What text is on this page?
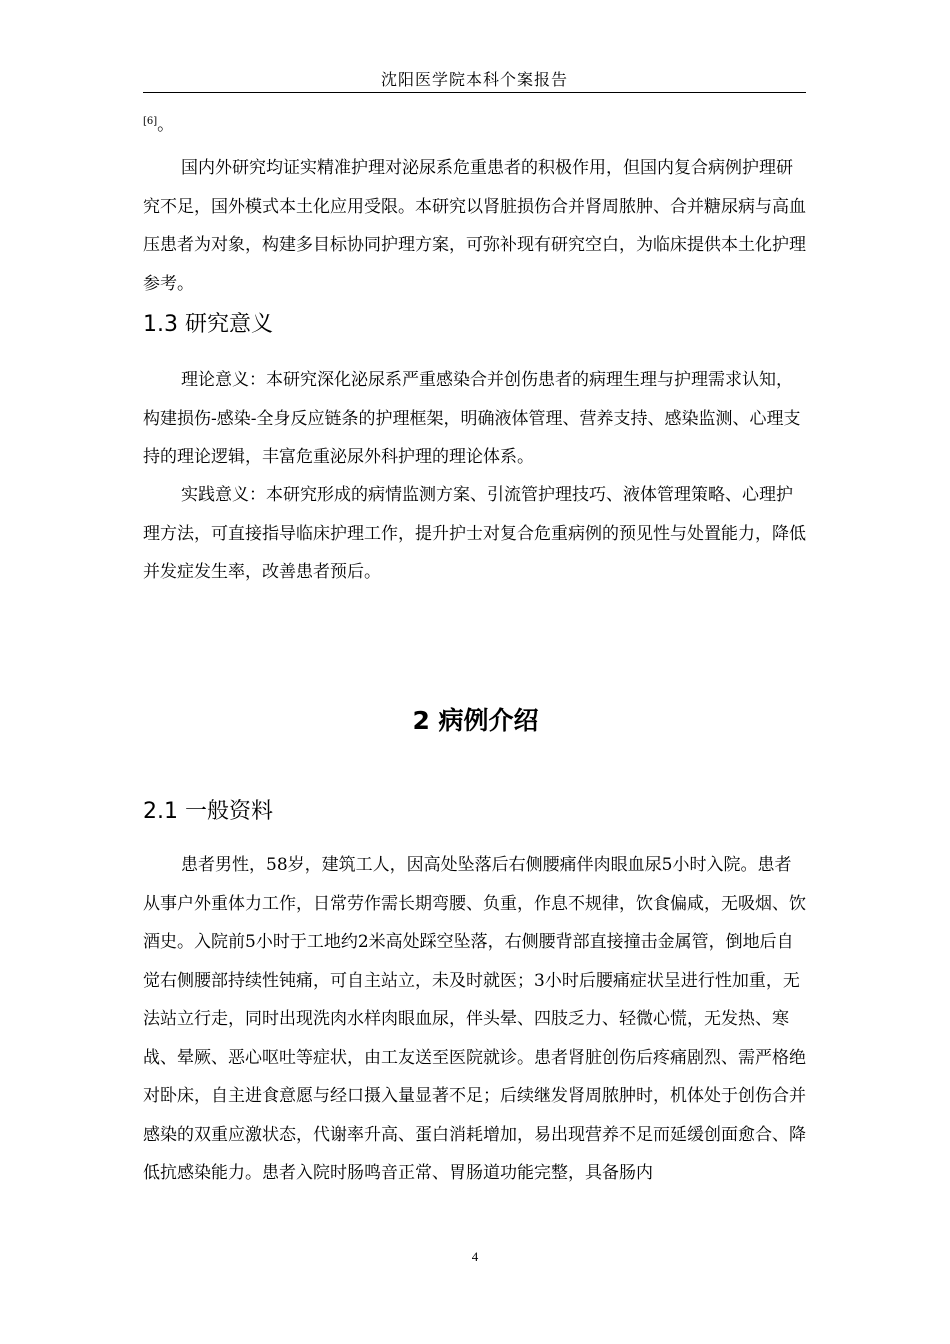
沈阳医学院本科个案报告
[6]。

国内外研究均证实精准护理对泌尿系危重患者的积极作用，但国内复合病例护理研究不足，国外模式本土化应用受限。本研究以肾脏损伤合并肾周脓肿、合并糖尿病与高血压患者为对象，构建多目标协同护理方案，可弥补现有研究空白，为临床提供本土化护理参考。

1.3 研究意义

理论意义：本研究深化泌尿系严重感染合并创伤患者的病理生理与护理需求认知，构建损伤-感染-全身反应链条的护理框架，明确液体管理、营养支持、感染监测、心理支持的理论逻辑，丰富危重泌尿外科护理的理论体系。

实践意义：本研究形成的病情监测方案、引流管护理技巧、液体管理策略、心理护理方法，可直接指导临床护理工作，提升护士对复合危重病例的预见性与处置能力，降低并发症发生率，改善患者预后。

2 病例介绍
2.1 一般资料

患者男性，58岁，建筑工人，因高处坠落后右侧腰痛伴肉眼血尿5小时入院。患者从事户外重体力工作，日常劳作需长期弯腰、负重，作息不规律，饮食偏咸，无吸烟、饮酒史。入院前5小时于工地约2米高处踩空坠落，右侧腰背部直接撞击金属管，倒地后自觉右侧腰部持续性钝痛，可自主站立，未及时就医；3小时后腰痛症状呈进行性加重，无法站立行走，同时出现洗肉水样肉眼血尿，伴头晕、四肢乏力、轻微心慌，无发热、寒战、晕厥、恶心呕吐等症状，由工友送至医院就诊。患者肾脏创伤后疼痛剧烈、需严格绝对卧床，自主进食意愿与经口摄入量显著不足；后续继发肾周脓肿时，机体处于创伤合并感染的双重应激状态，代谢率升高、蛋白消耗增加，易出现营养不足而延缓创面愈合、降低抗感染能力。患者入院时肠鸣音正常、胃肠道功能完整，具备肠内

4
